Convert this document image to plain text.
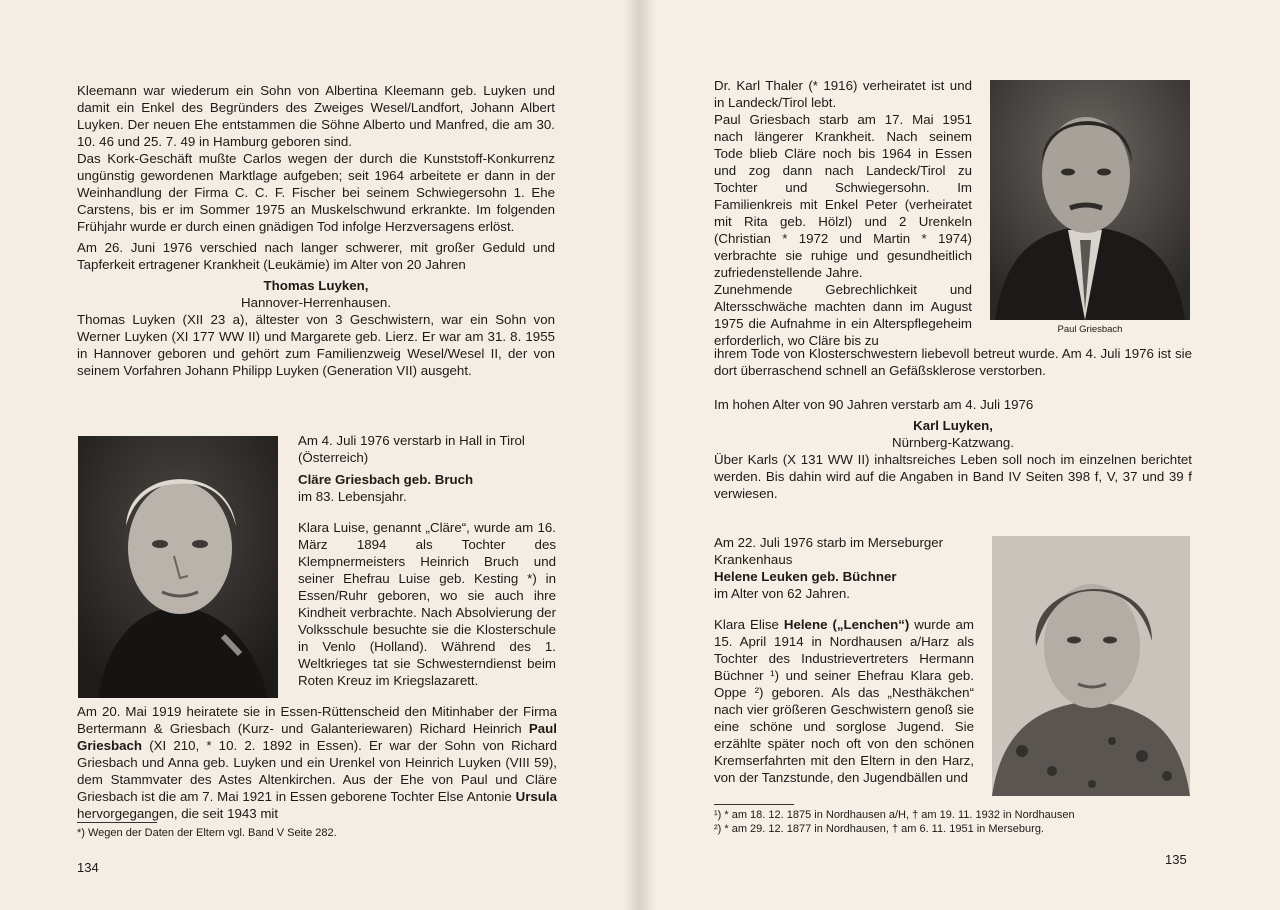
Kleemann war wiederum ein Sohn von Albertina Kleemann geb. Luyken und damit ein Enkel des Begründers des Zweiges Wesel/Landfort, Johann Albert Luyken. Der neuen Ehe entstammen die Söhne Alberto und Manfred, die am 30. 10. 46 und 25. 7. 49 in Hamburg geboren sind.

Das Kork-Geschäft mußte Carlos wegen der durch die Kunststoff-Konkurrenz ungünstig gewordenen Marktlage aufgeben; seit 1964 arbeitete er dann in der Weinhandlung der Firma C. C. F. Fischer bei seinem Schwiegersohn 1. Ehe Carstens, bis er im Sommer 1975 an Muskelschwund erkrankte. Im folgenden Frühjahr wurde er durch einen gnädigen Tod infolge Herzversagens erlöst.

Am 26. Juni 1976 verschied nach langer schwerer, mit großer Geduld und Tapferkeit ertragener Krankheit (Leukämie) im Alter von 20 Jahren

Thomas Luyken,

Hannover-Herrenhausen.

Thomas Luyken (XII 23 a), ältester von 3 Geschwistern, war ein Sohn von Werner Luyken (XI 177 WW II) und Margarete geb. Lierz. Er war am 31. 8. 1955 in Hannover geboren und gehört zum Familienzweig Wesel/Wesel II, der von seinem Vorfahren Johann Philipp Luyken (Generation VII) ausgeht.

Am 4. Juli 1976 verstarb in Hall in Tirol (Österreich)

Cläre Griesbach geb. Bruch

im 83. Lebensjahr.

Klara Luise, genannt „Cläre“, wurde am 16. März 1894 als Tochter des Klempnermeisters Heinrich Bruch und seiner Ehefrau Luise geb. Kesting *) in Essen/Ruhr geboren, wo sie auch ihre Kindheit verbrachte. Nach Absolvierung der Volksschule besuchte sie die Klosterschule in Venlo (Holland). Während des 1. Weltkrieges tat sie Schwesterndienst beim Roten Kreuz im Kriegslazarett.

Am 20. Mai 1919 heiratete sie in Essen-Rüttenscheid den Mitinhaber der Firma Bertermann & Griesbach (Kurz- und Galanteriewaren) Richard Heinrich Paul Griesbach (XI 210, * 10. 2. 1892 in Essen). Er war der Sohn von Richard Griesbach und Anna geb. Luyken und ein Urenkel von Heinrich Luyken (VIII 59), dem Stammvater des Astes Altenkirchen. Aus der Ehe von Paul und Cläre Griesbach ist die am 7. Mai 1921 in Essen geborene Tochter Else Antonie Ursula hervorgegangen, die seit 1943 mit

*) Wegen der Daten der Eltern vgl. Band V Seite 282.
134

Dr. Karl Thaler (* 1916) verheiratet ist und in Landeck/Tirol lebt.

Paul Griesbach starb am 17. Mai 1951 nach längerer Krankheit. Nach seinem Tode blieb Cläre noch bis 1964 in Essen und zog dann nach Landeck/Tirol zu Tochter und Schwiegersohn. Im Familienkreis mit Enkel Peter (verheiratet mit Rita geb. Hölzl) und 2 Urenkeln (Christian * 1972 und Martin * 1974) verbrachte sie ruhige und gesundheitlich zufriedenstellende Jahre.

Zunehmende Gebrechlichkeit und Altersschwäche machten dann im August 1975 die Aufnahme in ein Alterspflegeheim erforderlich, wo Cläre bis zu

Paul Griesbach

ihrem Tode von Klosterschwestern liebevoll betreut wurde. Am 4. Juli 1976 ist sie dort überraschend schnell an Gefäßsklerose verstorben.

Im hohen Alter von 90 Jahren verstarb am 4. Juli 1976

Karl Luyken,

Nürnberg-Katzwang.

Über Karls (X 131 WW II) inhaltsreiches Leben soll noch im einzelnen berichtet werden. Bis dahin wird auf die Angaben in Band IV Seiten 398 f, V, 37 und 39 f verwiesen.

Am 22. Juli 1976 starb im Merseburger Krankenhaus

Helene Leuken geb. Büchner

im Alter von 62 Jahren.

Klara Elise Helene („Lenchen“) wurde am 15. April 1914 in Nordhausen a/Harz als Tochter des Industrievertreters Hermann Büchner ¹) und seiner Ehefrau Klara geb. Oppe ²) geboren. Als das „Nesthäkchen“ nach vier größeren Geschwistern genoß sie eine schöne und sorglose Jugend. Sie erzählte später noch oft von den schönen Kremserfahrten mit den Eltern in den Harz, von der Tanzstunde, den Jugendbällen und

¹) * am 18. 12. 1875 in Nordhausen a/H, † am 19. 11. 1932 in Nordhausen
²) * am 29. 12. 1877 in Nordhausen, † am 6. 11. 1951 in Merseburg.
135
